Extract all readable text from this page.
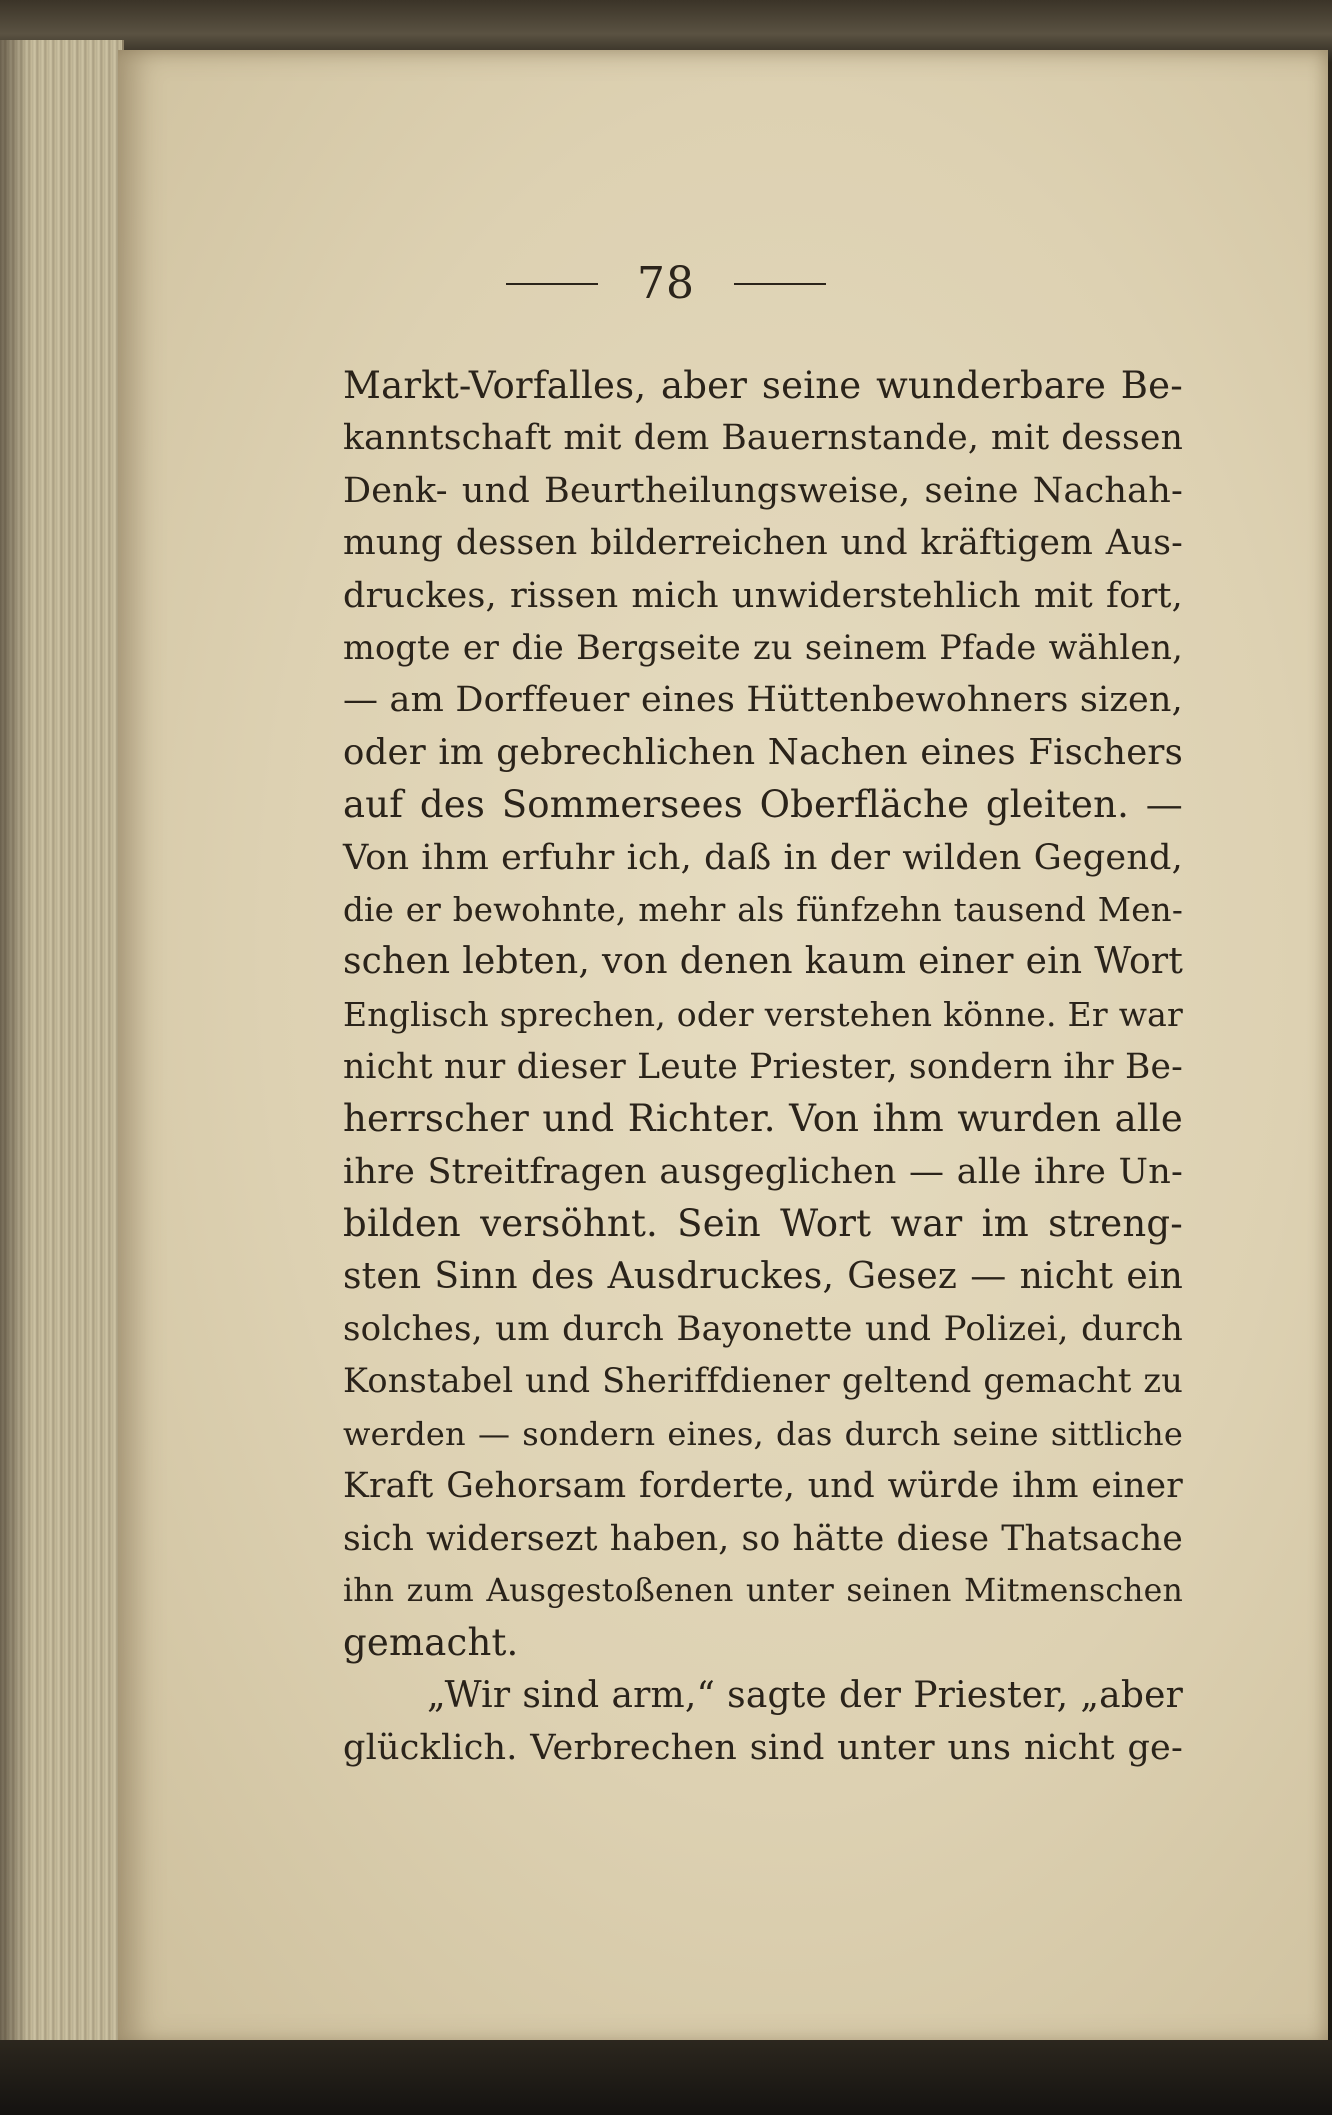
78
Markt-Vorfalles, aber seine wunderbare Be-
kanntschaft mit dem Bauernstande, mit dessen
Denk- und Beurtheilungsweise, seine Nachah-
mung dessen bilderreichen und kräftigem Aus-
druckes, rissen mich unwiderstehlich mit fort,
mogte er die Bergseite zu seinem Pfade wählen,
— am Dorffeuer eines Hüttenbewohners sizen,
oder im gebrechlichen Nachen eines Fischers
auf des Sommersees Oberfläche gleiten. —
Von ihm erfuhr ich, daß in der wilden Gegend,
die er bewohnte, mehr als fünfzehn tausend Men-
schen lebten, von denen kaum einer ein Wort
Englisch sprechen, oder verstehen könne. Er war
nicht nur dieser Leute Priester, sondern ihr Be-
herrscher und Richter. Von ihm wurden alle
ihre Streitfragen ausgeglichen — alle ihre Un-
bilden versöhnt. Sein Wort war im streng-
sten Sinn des Ausdruckes, Gesez — nicht ein
solches, um durch Bayonette und Polizei, durch
Konstabel und Sheriffdiener geltend gemacht zu
werden — sondern eines, das durch seine sittliche
Kraft Gehorsam forderte, und würde ihm einer
sich widersezt haben, so hätte diese Thatsache
ihn zum Ausgestoßenen unter seinen Mitmenschen
gemacht.
„Wir sind arm,“ sagte der Priester, „aber
glücklich. Verbrechen sind unter uns nicht ge-
